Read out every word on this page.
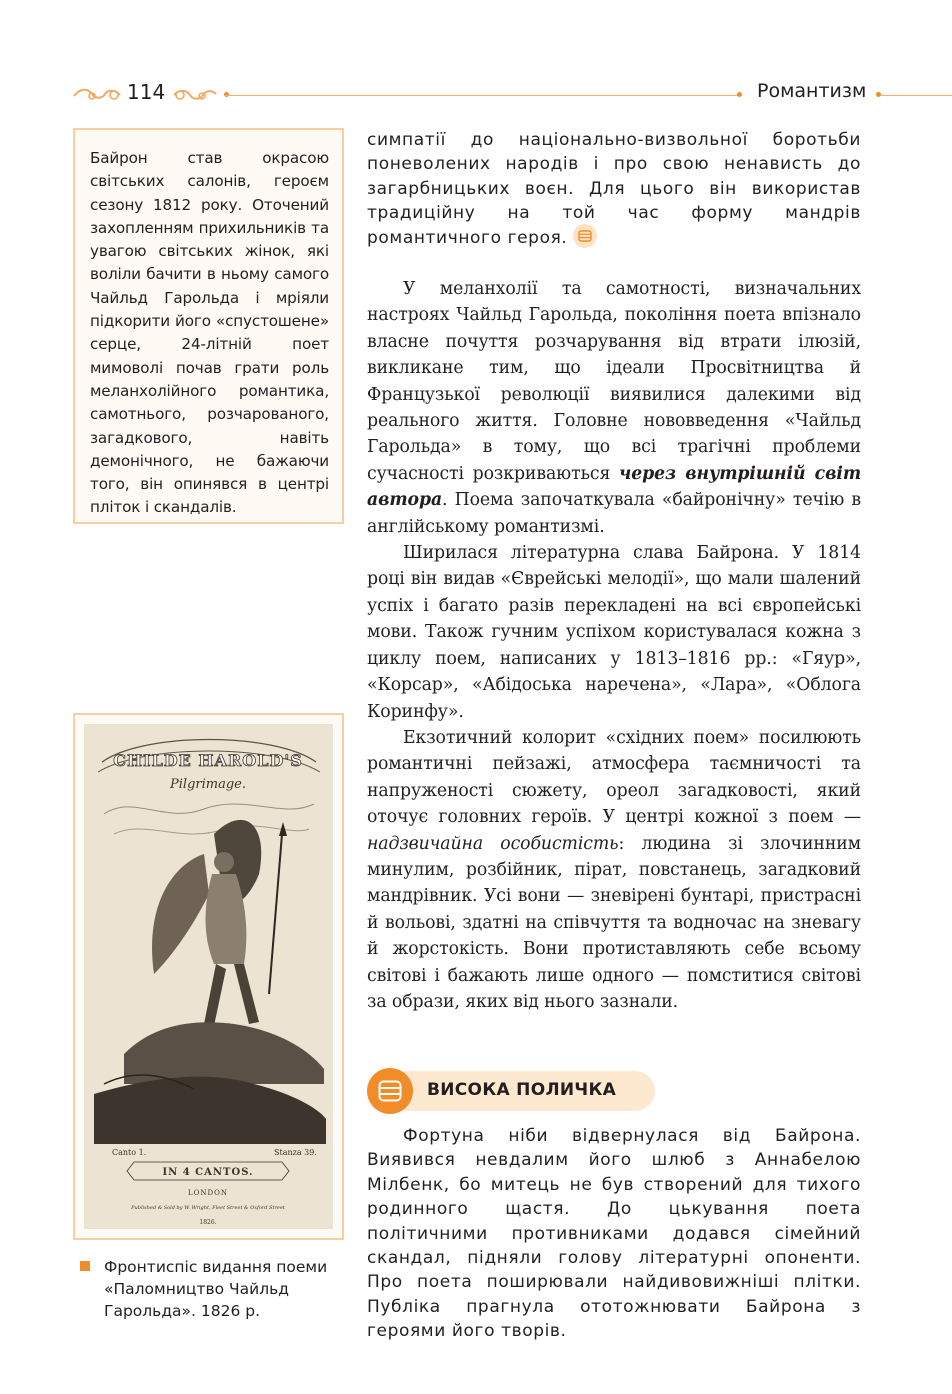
114	Романтизм

Байрон став окрасою світських салонів, героєм сезону 1812 року. Оточений захопленням прихильників та увагою світських жінок, які воліли бачити в ньому самого Чайльд Гарольда і мріяли підкорити його «спустошене» серце, 24-літній поет мимоволі почав грати роль меланхолійного романтика, самотнього, розчарованого, загадкового, навіть демонічного, не бажаючи того, він опинявся в центрі пліток і скандалів.

CHILDE HAROLD'S
Pilgrimage.
Canto 1.	Stanza 39.
IN 4 CANTOS.
LONDON
Published & Sold by W. Wright, Fleet Street & Oxford Street
1826.

Фронтиспіс видання поеми «Паломництво Чайльд Гарольда». 1826 р.

симпатії до національно-визвольної боротьби поневолених народів і про свою ненависть до загарбницьких воєн. Для цього він використав традиційну на той час форму мандрів романтичного героя.

У меланхолії та самотності, визначальних настроях Чайльд Гарольда, покоління поета впізнало власне почуття розчарування від втрати ілюзій, викликане тим, що ідеали Просвітництва й Французької революції виявилися далекими від реального життя. Головне нововведення «Чайльд Гарольда» в тому, що всі трагічні проблеми сучасності розкриваються через внутрішній світ автора. Поема започаткувала «байронічну» течію в англійському романтизмі.

Ширилася літературна слава Байрона. У 1814 році він видав «Єврейські мелодії», що мали шалений успіх і багато разів перекладені на всі європейські мови. Також гучним успіхом користувалася кожна з циклу поем, написаних у 1813–1816 рр.: «Гяур», «Корсар», «Абідоська наречена», «Лара», «Облога Коринфу».

Екзотичний колорит «східних поем» посилюють романтичні пейзажі, атмосфера таємничості та напруженості сюжету, ореол загадковості, який оточує головних героїв. У центрі кожної з поем — надзвичайна особистість: людина зі злочинним минулим, розбійник, пірат, повстанець, загадковий мандрівник. Усі вони — зневірені бунтарі, пристрасні й вольові, здатні на співчуття та водночас на зневагу й жорстокість. Вони протиставляють себе всьому світові і бажають лише одного — помститися світові за образи, яких від нього зазнали.

ВИСОКА ПОЛИЧКА

Фортуна ніби відвернулася від Байрона. Виявився невдалим його шлюб з Аннабелою Мілбенк, бо митець не був створений для тихого родинного щастя. До цькування поета політичними противниками додався сімейний скандал, підняли голову літературні опоненти. Про поета поширювали найдивовижніші плітки. Публіка прагнула ототожнювати Байрона з героями його творів.
